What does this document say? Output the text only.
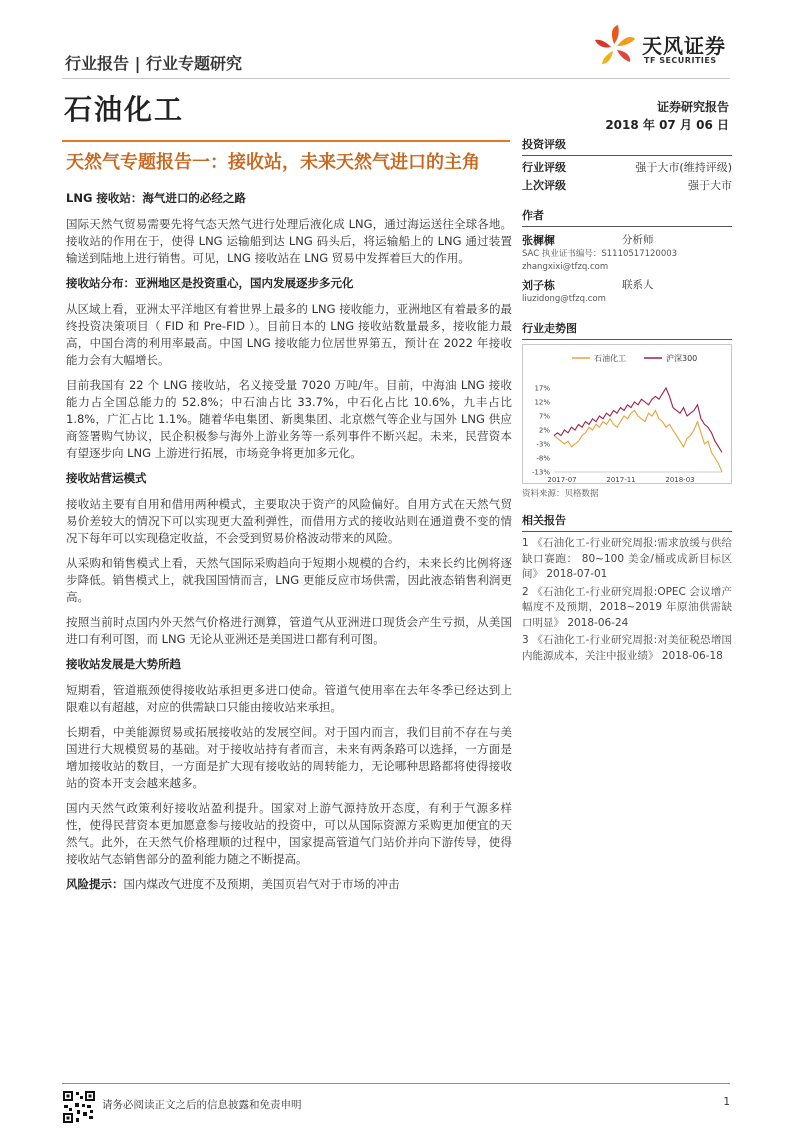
行业报告 | 行业专题研究
天风证券
TF SECURITIES
石油化工	证券研究报告
2018 年 07 月 06 日
天然气专题报告一：接收站，未来天然气进口的主角
LNG 接收站：海气进口的必经之路

国际天然气贸易需要先将气态天然气进行处理后液化成 LNG，通过海运送往全球各地。接收站的作用在于，使得 LNG 运输船到达 LNG 码头后，将运输船上的 LNG 通过装置输送到陆地上进行销售。可见，LNG 接收站在 LNG 贸易中发挥着巨大的作用。

接收站分布：亚洲地区是投资重心，国内发展逐步多元化

从区域上看，亚洲太平洋地区有着世界上最多的 LNG 接收能力，亚洲地区有着最多的最终投资决策项目（ FID 和 Pre-FID ）。目前日本的 LNG 接收站数量最多，接收能力最高，中国台湾的利用率最高。中国 LNG 接收能力位居世界第五，预计在 2022 年接收能力会有大幅增长。

目前我国有 22 个 LNG 接收站，名义接受量 7020 万吨/年。目前，中海油 LNG 接收能力占全国总能力的 52.8%；中石油占比 33.7%，中石化占比 10.6%，九丰占比 1.8%，广汇占比 1.1%。随着华电集团、新奥集团、北京燃气等企业与国外 LNG 供应商签署购气协议，民企积极参与海外上游业务等一系列事件不断兴起。未来，民营资本有望逐步向 LNG 上游进行拓展，市场竞争将更加多元化。

接收站营运模式

接收站主要有自用和借用两种模式，主要取决于资产的风险偏好。自用方式在天然气贸易价差较大的情况下可以实现更大盈利弹性，而借用方式的接收站则在通道费不变的情况下每年可以实现稳定收益，不会受到贸易价格波动带来的风险。

从采购和销售模式上看，天然气国际采购趋向于短期小规模的合约，未来长约比例将逐步降低。销售模式上，就我国国情而言，LNG 更能反应市场供需，因此液态销售利润更高。

按照当前时点国内外天然气价格进行测算，管道气从亚洲进口现货会产生亏损，从美国进口有利可图，而 LNG 无论从亚洲还是美国进口都有利可图。

接收站发展是大势所趋

短期看，管道瓶颈使得接收站承担更多进口使命。管道气使用率在去年冬季已经达到上限难以有超越，对应的供需缺口只能由接收站来承担。

长期看，中美能源贸易或拓展接收站的发展空间。对于国内而言，我们目前不存在与美国进行大规模贸易的基础。对于接收站持有者而言，未来有两条路可以选择，一方面是增加接收站的数目，一方面是扩大现有接收站的周转能力，无论哪种思路都将使得接收站的资本开支会越来越多。

国内天然气政策利好接收站盈利提升。国家对上游气源持放开态度，有利于气源多样性，使得民营资本更加愿意参与接收站的投资中，可以从国际资源方采购更加便宜的天然气。此外，在天然气价格理顺的过程中，国家提高管道气门站价并向下游传导，使得接收站气态销售部分的盈利能力随之不断提高。

风险提示：国内煤改气进度不及预期，美国页岩气对于市场的冲击

投资评级
行业评级	强于大市(维持评级)
上次评级	强于大市
作者
张樨樨	分析师
SAC 执业证书编号：S1110517120003
zhangxixi@tfzq.com
刘子栋	联系人
liuzidong@tfzq.com
行业走势图
石油化工	沪深300
17%
12%
7%
2%
-3%
-8%
-13%
2017-07	2017-11	2018-03
资料来源：贝格数据
相关报告

1 《石油化工-行业研究周报:需求放缓与供给缺口赛跑： 80~100 美金/桶或成新目标区间》 2018-07-01

2 《石油化工-行业研究周报:OPEC 会议增产幅度不及预期，2018~2019 年原油供需缺口明显》 2018-06-24

3 《石油化工-行业研究周报:对美征税恐增国内能源成本，关注中报业绩》 2018-06-18

请务必阅读正文之后的信息披露和免责申明	1
